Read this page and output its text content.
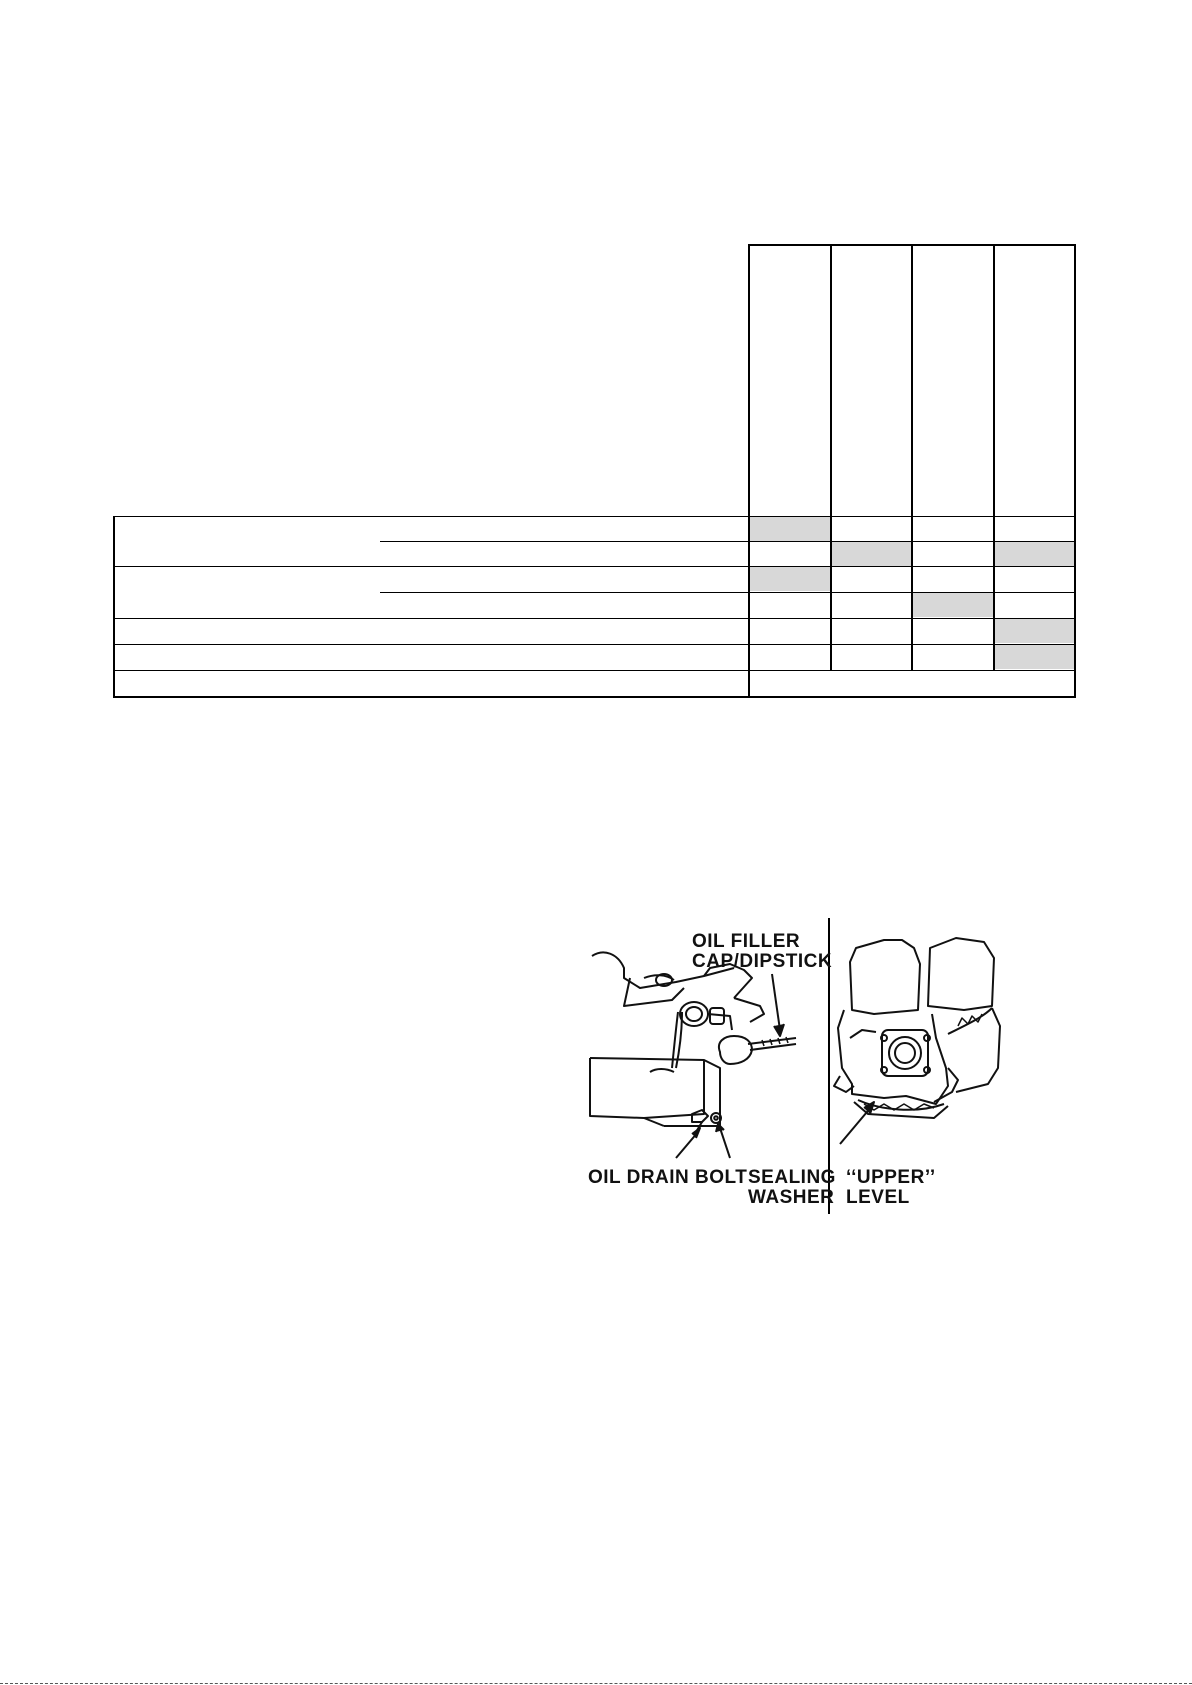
OIL FILLER
CAP/DIPSTICK
OIL DRAIN BOLT SEALING
WASHER
‘‘UPPER’’
LEVEL
